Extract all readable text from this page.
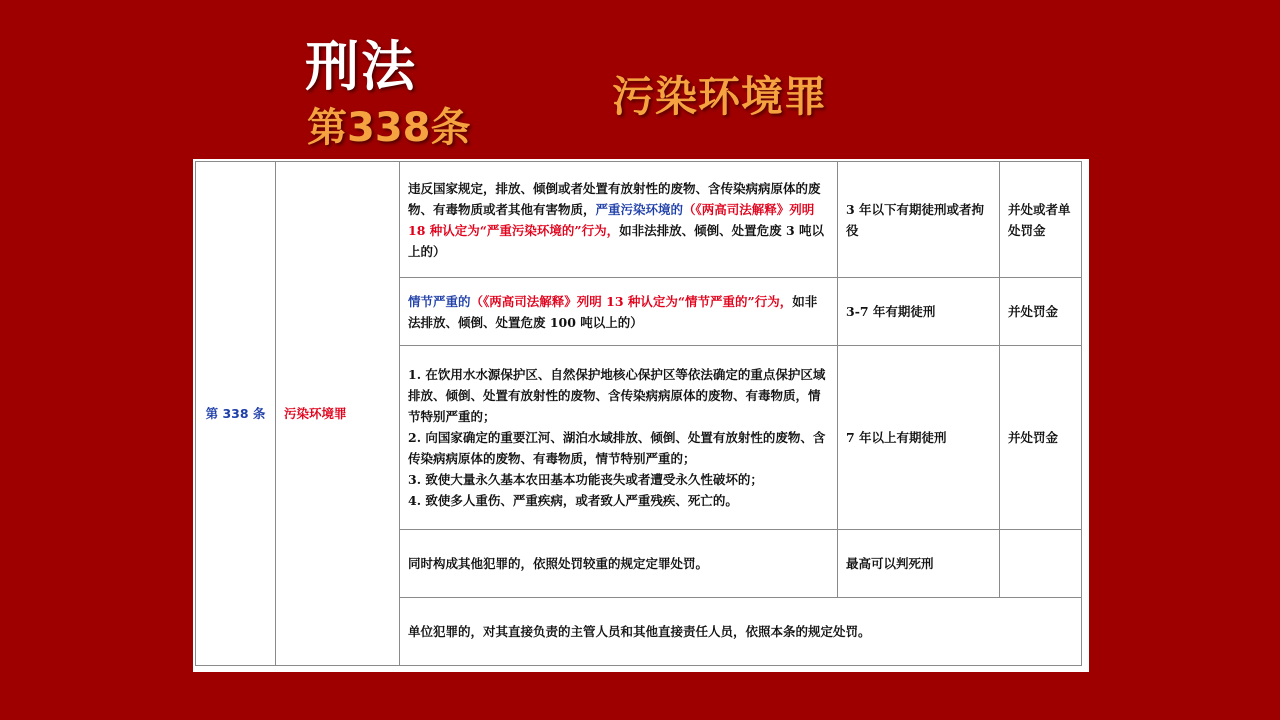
刑法
第338条
污染环境罪
第 338 条	污染环境罪	违反国家规定，排放、倾倒或者处置有放射性的废物、含传染病病原体的废物、有毒物质或者其他有害物质，严重污染环境的（《两高司法解释》列明 18 种认定为“严重污染环境的”行为，如非法排放、倾倒、处置危废 3 吨以上的）	3 年以下有期徒刑或者拘役	并处或者单处罚金
		情节严重的（《两高司法解释》列明 13 种认定为“情节严重的”行为，如非法排放、倾倒、处置危废 100 吨以上的）	3-7 年有期徒刑	并处罚金

		1. 在饮用水水源保护区、自然保护地核心保护区等依法确定的重点保护区域排放、倾倒、处置有放射性的废物、含传染病病原体的废物、有毒物质，情节特别严重的；
2. 向国家确定的重要江河、湖泊水域排放、倾倒、处置有放射性的废物、含传染病病原体的废物、有毒物质，情节特别严重的；
3. 致使大量永久基本农田基本功能丧失或者遭受永久性破坏的；
4. 致使多人重伤、严重疾病，或者致人严重残疾、死亡的。	7 年以上有期徒刑	并处罚金
		同时构成其他犯罪的，依照处罚较重的规定定罪处罚。	最高可以判死刑	
		单位犯罪的，对其直接负责的主管人员和其他直接责任人员，依照本条的规定处罚。		
